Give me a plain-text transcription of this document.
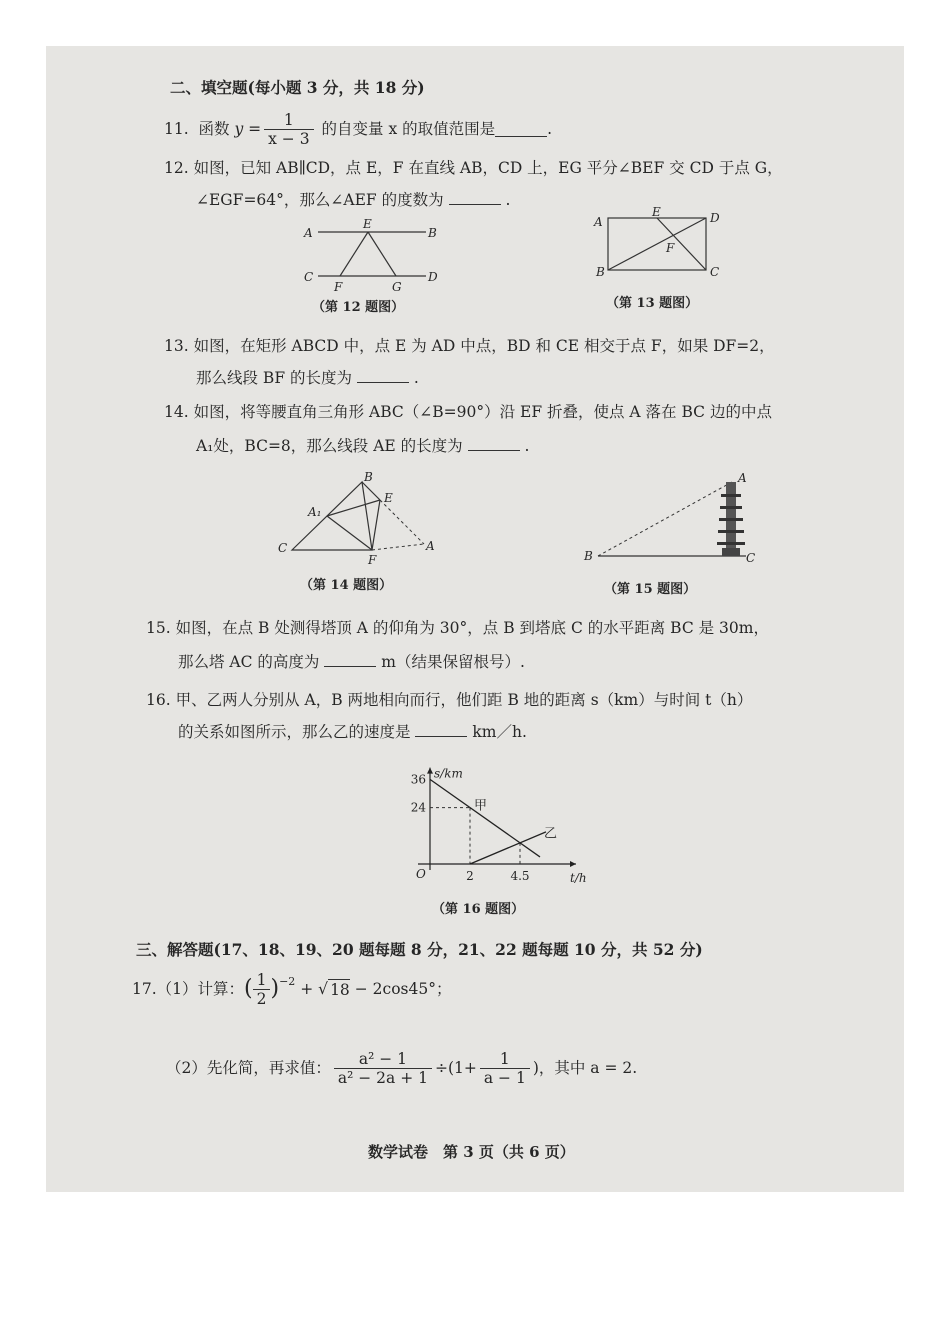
二、填空题(每小题 3 分，共 18 分)
11.
函数
$y = \frac{1}{x - 3}$
的自变量 x 的取值范围是	.
12. 如图，已知 AB∥CD，点 E，F 在直线 AB，CD 上，EG 平分∠BEF 交 CD 于点 G，
∠EGF=64°，那么∠AEF 的度数为	.
A
E
B
C
F	G
D
（第 12 题图）
A
E	D
F
B	C
（第 13 题图）
13. 如图，在矩形 ABCD 中，点 E 为 AD 中点，BD 和 CE 相交于点 F，如果 DF=2，
那么线段 BF 的长度为	.
14. 如图，将等腰直角三角形 ABC（∠B=90°）沿 EF 折叠，使点 A 落在 BC 边的中点
A₁处，BC=8，那么线段 AE 的长度为	.
B
A₁
E
C
F
A
（第 14 题图）
A
B	C
（第 15 题图）
15. 如图，在点 B 处测得塔顶 A 的仰角为 30°，点 B 到塔底 C 的水平距离 BC 是 30m，
那么塔 AC 的高度为	m（结果保留根号）.
16. 甲、乙两人分别从 A，B 两地相向而行，他们距 B 地的距离 s（km）与时间 t（h）
的关系如图所示，那么乙的速度是	km／h.
s/km
t/h
O
36
24
2	4.5
甲
乙
（第 16 题图）
三、解答题(17、18、19、20 题每题 8 分，21、22 题每题 10 分，共 52 分)
17.（1）计算： ( $\frac{1}{2} )^{-2}$
+
√ 18
− 2cos45°；
（2）先化简，再求值： $\frac{\text{a² − 1}}{\text{a² − 2a + 1}} \div(1+ \frac{1}{a - 1}$ )，其中 a = 2.
数学试卷　第 3 页（共 6 页）
